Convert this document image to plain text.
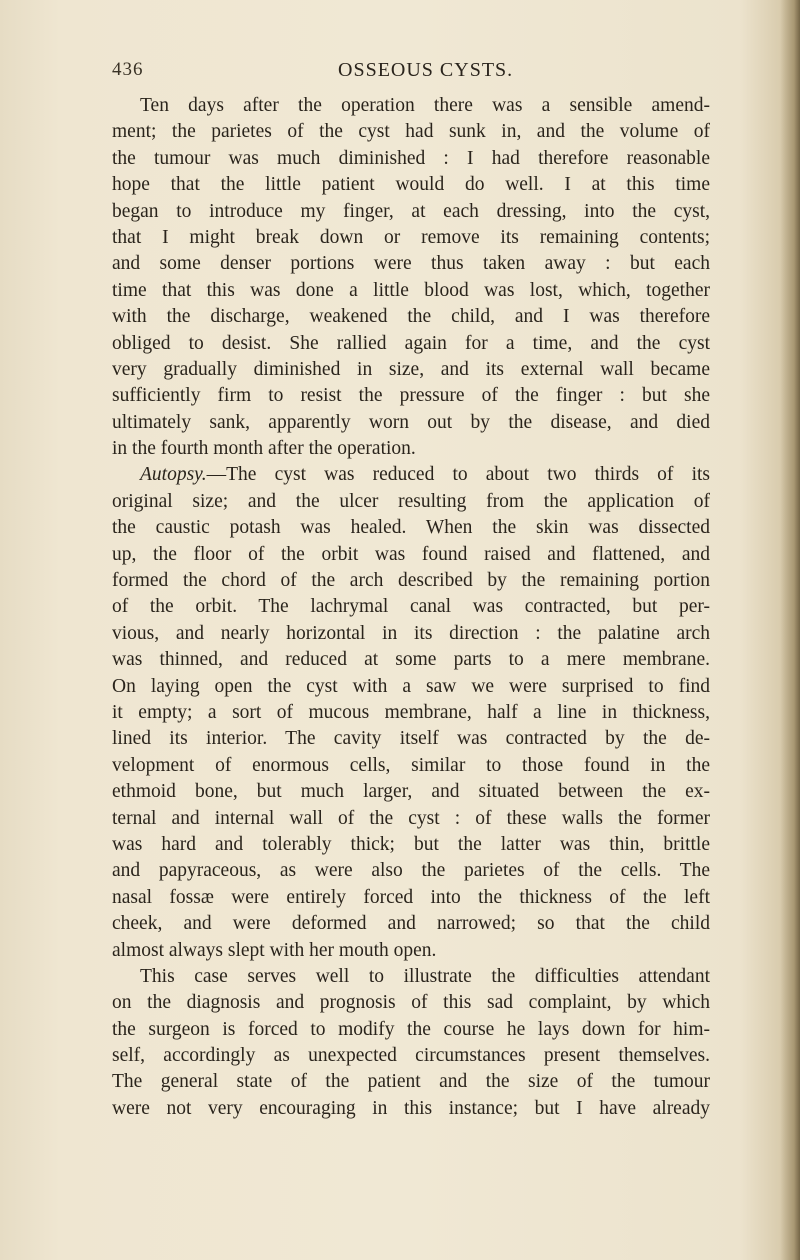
436	OSSEOUS CYSTS.
Ten days after the operation there was a sensible amend-
ment; the parietes of the cyst had sunk in, and the volume of
the tumour was much diminished : I had therefore reasonable
hope that the little patient would do well. I at this time
began to introduce my finger, at each dressing, into the cyst,
that I might break down or remove its remaining contents;
and some denser portions were thus taken away : but each
time that this was done a little blood was lost, which, together
with the discharge, weakened the child, and I was therefore
obliged to desist. She rallied again for a time, and the cyst
very gradually diminished in size, and its external wall became
sufficiently firm to resist the pressure of the finger : but she
ultimately sank, apparently worn out by the disease, and died
in the fourth month after the operation.
Autopsy.—The cyst was reduced to about two thirds of its
original size; and the ulcer resulting from the application of
the caustic potash was healed. When the skin was dissected
up, the floor of the orbit was found raised and flattened, and
formed the chord of the arch described by the remaining portion
of the orbit. The lachrymal canal was contracted, but per-
vious, and nearly horizontal in its direction : the palatine arch
was thinned, and reduced at some parts to a mere membrane.
On laying open the cyst with a saw we were surprised to find
it empty; a sort of mucous membrane, half a line in thickness,
lined its interior. The cavity itself was contracted by the de-
velopment of enormous cells, similar to those found in the
ethmoid bone, but much larger, and situated between the ex-
ternal and internal wall of the cyst : of these walls the former
was hard and tolerably thick; but the latter was thin, brittle
and papyraceous, as were also the parietes of the cells. The
nasal fossæ were entirely forced into the thickness of the left
cheek, and were deformed and narrowed; so that the child
almost always slept with her mouth open.
This case serves well to illustrate the difficulties attendant
on the diagnosis and prognosis of this sad complaint, by which
the surgeon is forced to modify the course he lays down for him-
self, accordingly as unexpected circumstances present themselves.
The general state of the patient and the size of the tumour
were not very encouraging in this instance; but I have already
